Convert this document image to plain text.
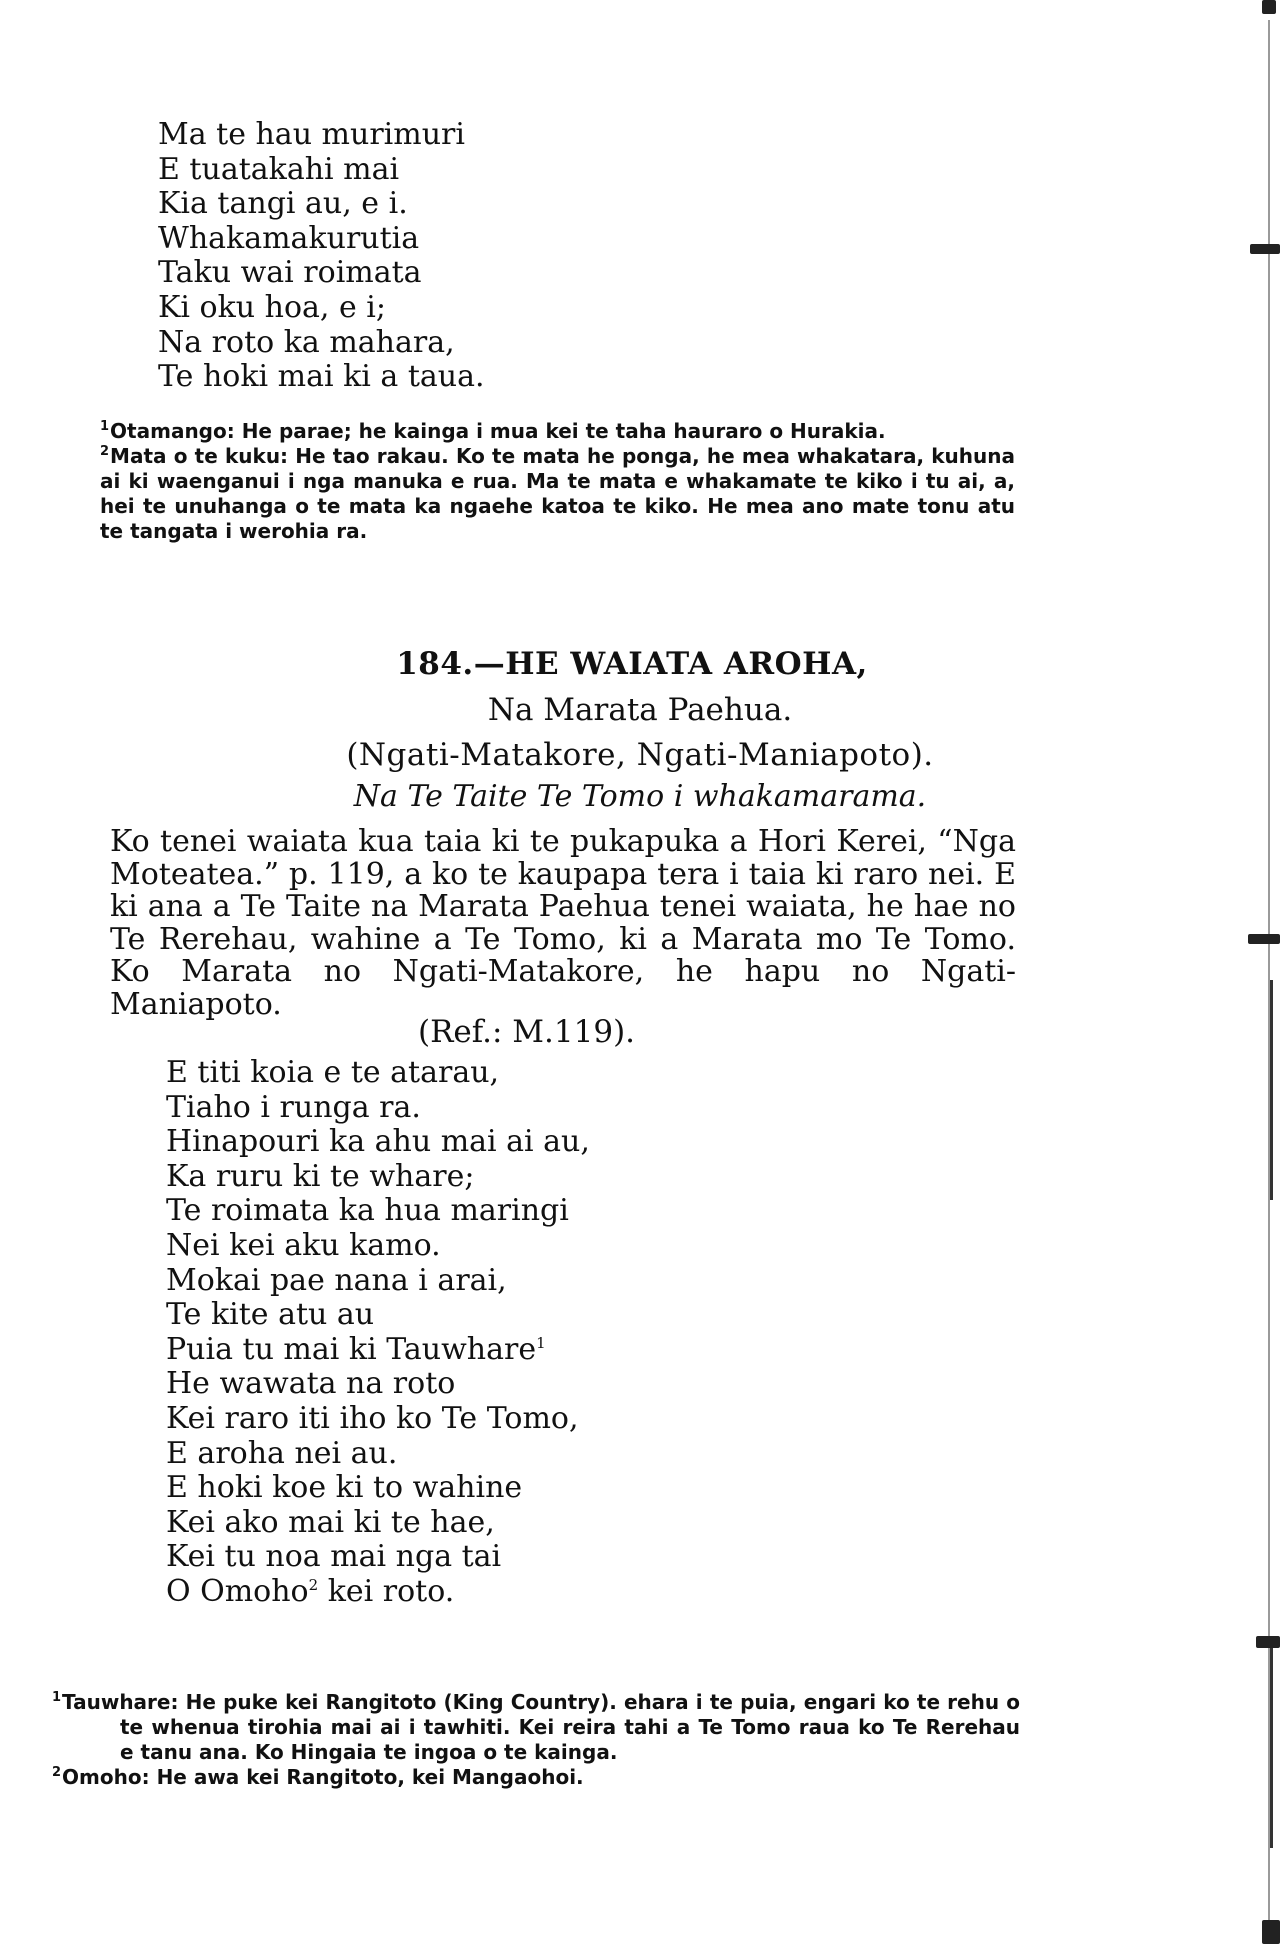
Ma te hau murimuri
E tuatakahi mai
Kia tangi au, e i.
Whakamakurutia
Taku wai roimata
Ki oku hoa, e i;
Na roto ka mahara,
Te hoki mai ki a taua.

$^1$Otamango: He parae; he kainga i mua kei te taha hauraro o Hurakia.

$^2$Mata o te kuku: He tao rakau. Ko te mata he ponga, he mea whakatara, kuhuna ai ki waenganui i nga manuka e rua. Ma te mata e whakamate te kiko i tu ai, a, hei te unuhanga o te mata ka ngaehe katoa te kiko. He mea ano mate tonu atu te tangata i werohia ra.

184.—HE WAIATA AROHA,

Na Marata Paehua.

(Ngati-Matakore, Ngati-Maniapoto).

Na Te Taite Te Tomo i whakamarama.

Ko tenei waiata kua taia ki te pukapuka a Hori Kerei, “Nga Moteatea.” p. 119, a ko te kaupapa tera i taia ki raro nei. E ki ana a Te Taite na Marata Paehua tenei waiata, he hae no Te Rerehau, wahine a Te Tomo, ki a Marata mo Te Tomo. Ko Marata no Ngati-Matakore, he hapu no Ngati-Maniapoto.

(Ref.: M.119).

E titi koia e te atarau,
Tiaho i runga ra.
Hinapouri ka ahu mai ai au,
Ka ruru ki te whare;
Te roimata ka hua maringi
Nei kei aku kamo.
Mokai pae nana i arai,
Te kite atu au
Puia tu mai ki Tauwhare$^1$
He wawata na roto
Kei raro iti iho ko Te Tomo,
E aroha nei au.
E hoki koe ki to wahine
Kei ako mai ki te hae,
Kei tu noa mai nga tai
O Omoho$^2$ kei roto.

$^1$Tauwhare: He puke kei Rangitoto (King Country). ehara i te puia, engari ko te rehu o te whenua tirohia mai ai i tawhiti. Kei reira tahi a Te Tomo raua ko Te Rerehau e tanu ana. Ko Hingaia te ingoa o te kainga.

$^2$Omoho: He awa kei Rangitoto, kei Mangaohoi.
